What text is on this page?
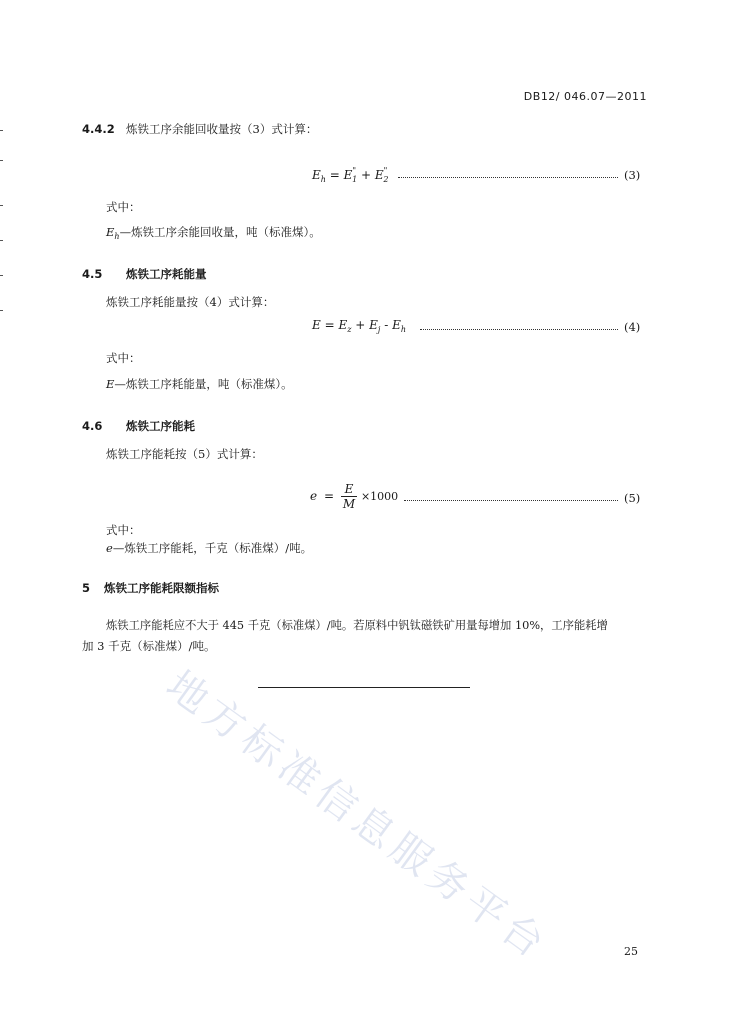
DB12/ 046.07—2011
4.4.2 炼铁工序余能回收量按（3）式计算：
$E_h = E^"_1 + E^"_2$	(3)
式中：
$E_h—$炼铁工序余能回收量，吨（标准煤）。
4.5 炼铁工序耗能量
炼铁工序耗能量按（4）式计算：
$E = E_z + E_j - E_h$	(4)
式中：
E—炼铁工序耗能量，吨（标准煤）。
4.6 炼铁工序能耗
炼铁工序能耗按（5）式计算：
$e = \frac{E}{M} \times 1000$	(5)
式中：
e—炼铁工序能耗，千克（标准煤）/吨。
5 炼铁工序能耗限额指标
炼铁工序能耗应不大于 445 千克（标准煤）/吨。若原料中钒钛磁铁矿用量每增加 10%，工序能耗增
加 3 千克（标准煤）/吨。
地方标准信息服务平台	25
